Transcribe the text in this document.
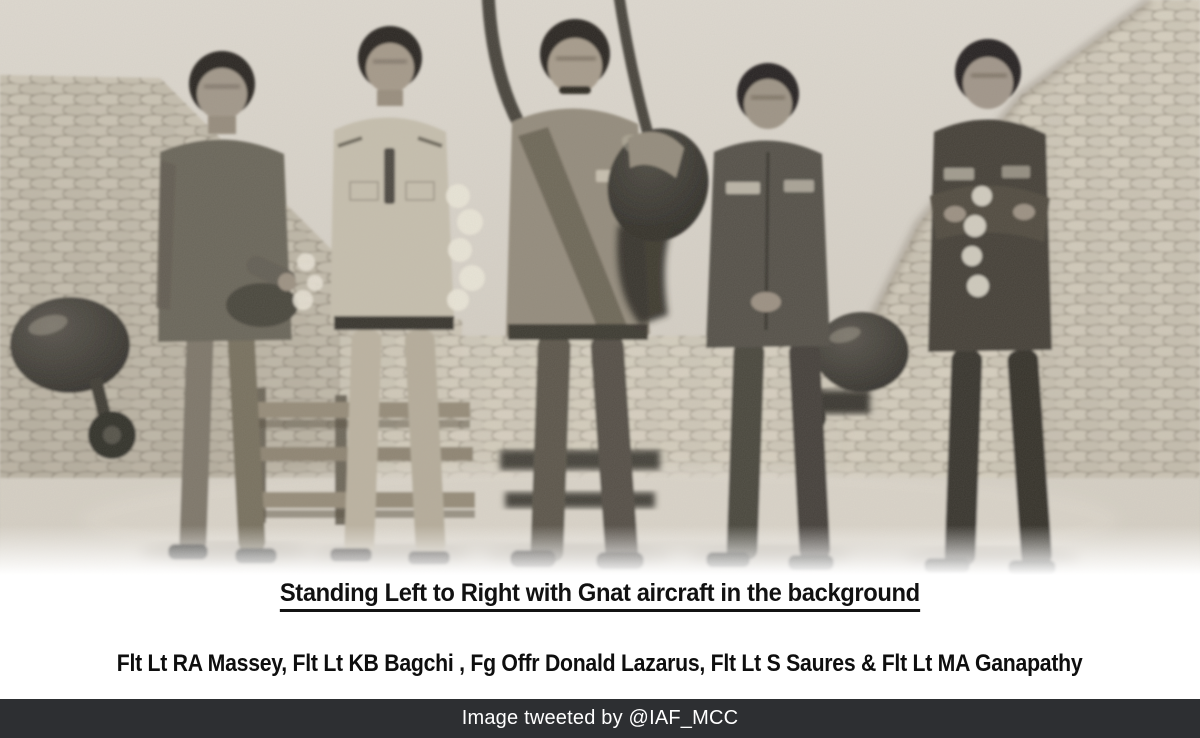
Standing Left to Right with Gnat aircraft in the background
Flt Lt RA Massey, Flt Lt KB Bagchi , Fg Offr Donald Lazarus, Flt Lt S Saures & Flt Lt MA Ganapathy
Image tweeted by @IAF_MCC
